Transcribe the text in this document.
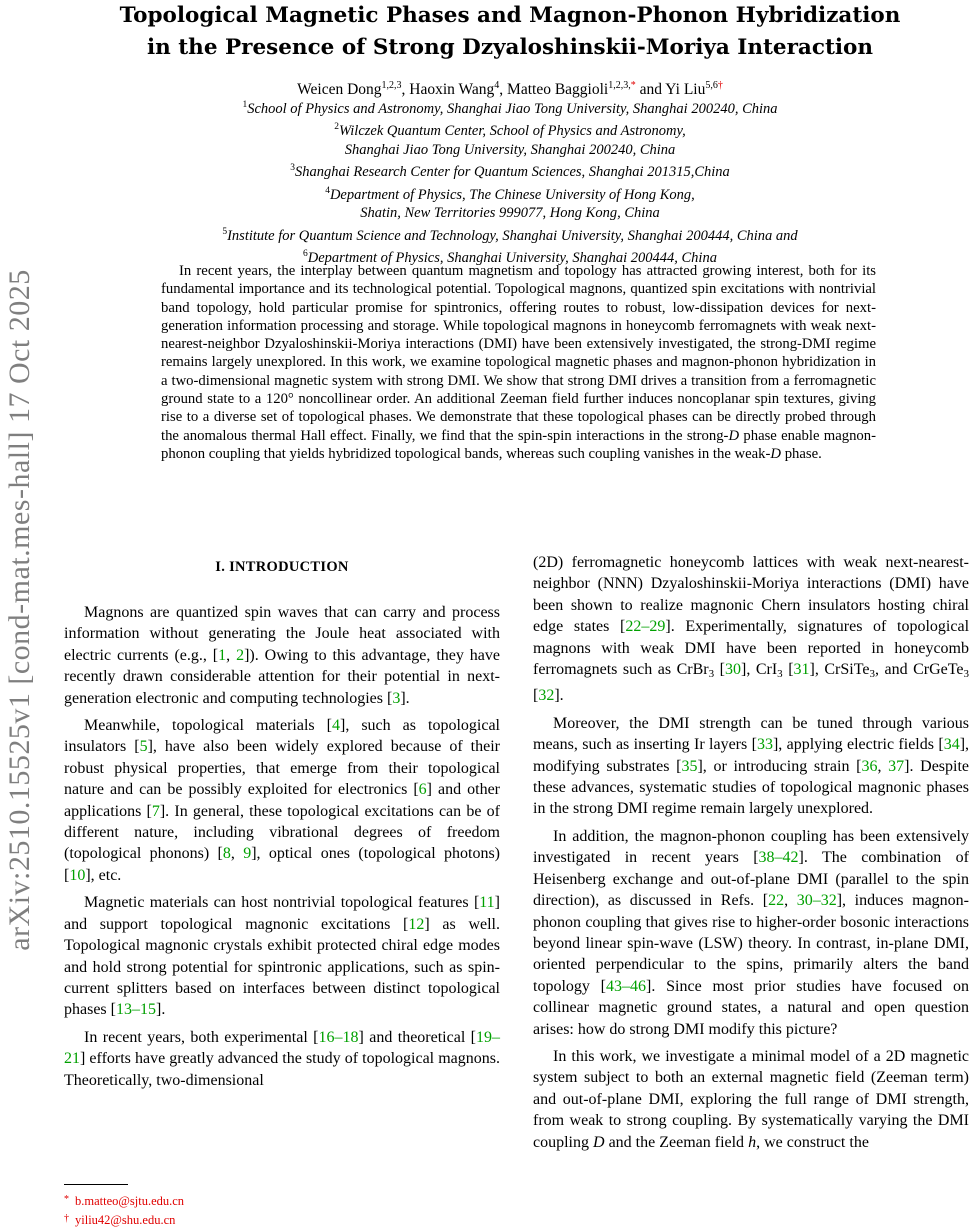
arXiv:2510.15525v1 [cond-mat.mes-hall] 17 Oct 2025
Topological Magnetic Phases and Magnon-Phonon Hybridization
in the Presence of Strong Dzyaloshinskii-Moriya Interaction
Weicen Dong$^{1,2,3}$, Haoxin Wang$^4$, Matteo Baggioli$^{1,2,3,*}$ and Yi Liu$^{5,6\dagger}$
$^1$School of Physics and Astronomy, Shanghai Jiao Tong University, Shanghai 200240, China
$^2$Wilczek Quantum Center, School of Physics and Astronomy,
Shanghai Jiao Tong University, Shanghai 200240, China
$^3$Shanghai Research Center for Quantum Sciences, Shanghai 201315,China
$^4$Department of Physics, The Chinese University of Hong Kong,
Shatin, New Territories 999077, Hong Kong, China
$^5$Institute for Quantum Science and Technology, Shanghai University, Shanghai 200444, China and
$^6$Department of Physics, Shanghai University, Shanghai 200444, China
In recent years, the interplay between quantum magnetism and topology has attracted growing interest, both for its fundamental importance and its technological potential. Topological magnons, quantized spin excitations with nontrivial band topology, hold particular promise for spintronics, offering routes to robust, low-dissipation devices for next-generation information processing and storage. While topological magnons in honeycomb ferromagnets with weak next-nearest-neighbor Dzyaloshinskii-Moriya interactions (DMI) have been extensively investigated, the strong-DMI regime remains largely unexplored. In this work, we examine topological magnetic phases and magnon-phonon hybridization in a two-dimensional magnetic system with strong DMI. We show that strong DMI drives a transition from a ferromagnetic ground state to a 120° noncollinear order. An additional Zeeman field further induces noncoplanar spin textures, giving rise to a diverse set of topological phases. We demonstrate that these topological phases can be directly probed through the anomalous thermal Hall effect. Finally, we find that the spin-spin interactions in the strong-D phase enable magnon-phonon coupling that yields hybridized topological bands, whereas such coupling vanishes in the weak-D phase.
I. INTRODUCTION

Magnons are quantized spin waves that can carry and process information without generating the Joule heat associated with electric currents (e.g., [1, 2]). Owing to this advantage, they have recently drawn considerable attention for their potential in next-generation electronic and computing technologies [3].

Meanwhile, topological materials [4], such as topological insulators [5], have also been widely explored because of their robust physical properties, that emerge from their topological nature and can be possibly exploited for electronics [6] and other applications [7]. In general, these topological excitations can be of different nature, including vibrational degrees of freedom (topological phonons) [8, 9], optical ones (topological photons) [10], etc.

Magnetic materials can host nontrivial topological features [11] and support topological magnonic excitations [12] as well. Topological magnonic crystals exhibit protected chiral edge modes and hold strong potential for spintronic applications, such as spin-current splitters based on interfaces between distinct topological phases [13–15].

In recent years, both experimental [16–18] and theoretical [19–21] efforts have greatly advanced the study of topological magnons. Theoretically, two-dimensional

(2D) ferromagnetic honeycomb lattices with weak next-nearest-neighbor (NNN) Dzyaloshinskii-Moriya interactions (DMI) have been shown to realize magnonic Chern insulators hosting chiral edge states [22–29]. Experimentally, signatures of topological magnons with weak DMI have been reported in honeycomb ferromagnets such as CrBr$_3$ [30], CrI$_3$ [31], CrSiTe$_3$, and CrGeTe$_3$ [32].

Moreover, the DMI strength can be tuned through various means, such as inserting Ir layers [33], applying electric fields [34], modifying substrates [35], or introducing strain [36, 37]. Despite these advances, systematic studies of topological magnonic phases in the strong DMI regime remain largely unexplored.

In addition, the magnon-phonon coupling has been extensively investigated in recent years [38–42]. The combination of Heisenberg exchange and out-of-plane DMI (parallel to the spin direction), as discussed in Refs. [22, 30–32], induces magnon-phonon coupling that gives rise to higher-order bosonic interactions beyond linear spin-wave (LSW) theory. In contrast, in-plane DMI, oriented perpendicular to the spins, primarily alters the band topology [43–46]. Since most prior studies have focused on collinear magnetic ground states, a natural and open question arises: how do strong DMI modify this picture?

In this work, we investigate a minimal model of a 2D magnetic system subject to both an external magnetic field (Zeeman term) and out-of-plane DMI, exploring the full range of DMI strength, from weak to strong coupling. By systematically varying the DMI coupling D and the Zeeman field h, we construct the

* b.matteo@sjtu.edu.cn
† yiliu42@shu.edu.cn
